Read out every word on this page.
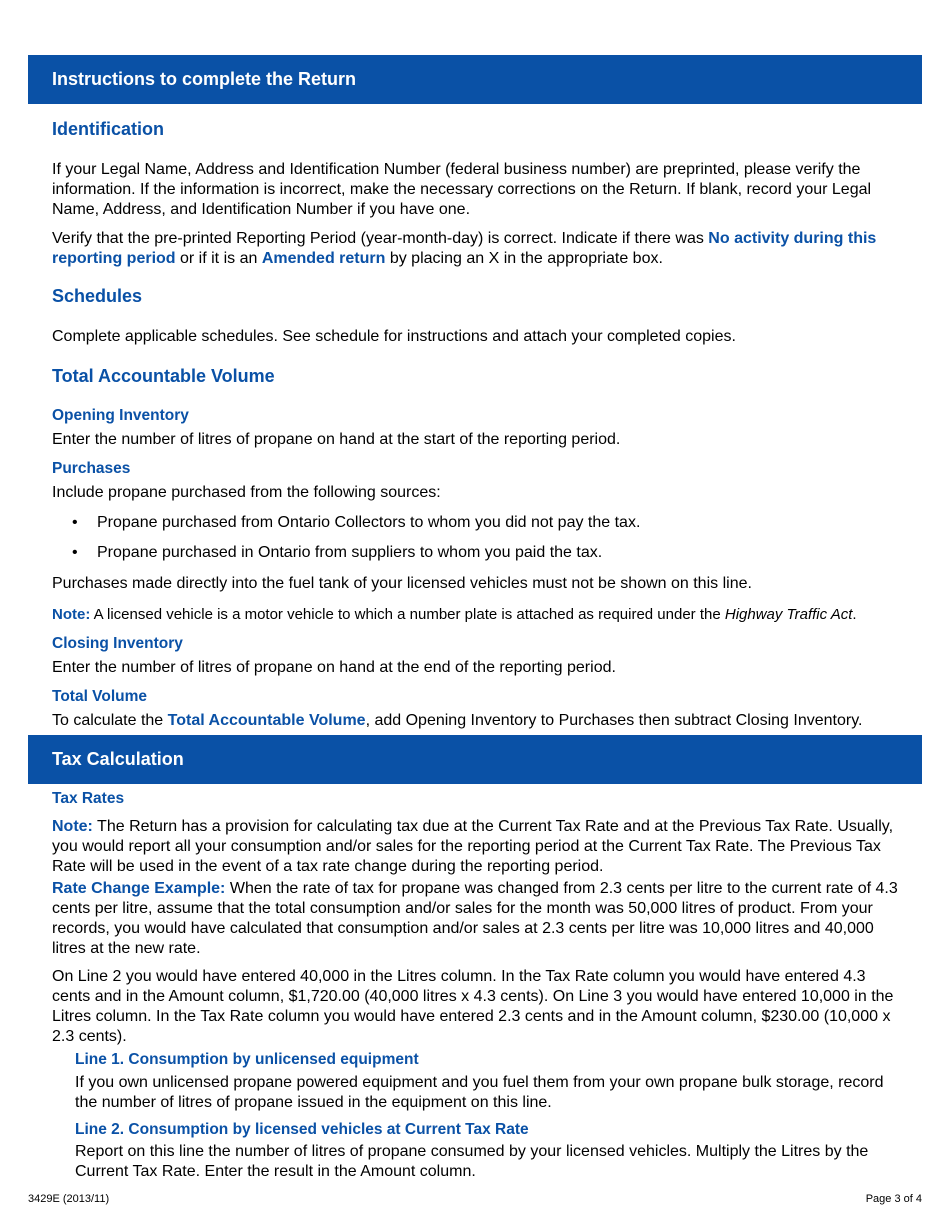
Instructions to complete the Return
Identification

If your Legal Name, Address and Identification Number (federal business number) are preprinted, please verify the information. If the information is incorrect, make the necessary corrections on the Return. If blank, record your Legal Name, Address, and Identification Number if you have one.

Verify that the pre-printed Reporting Period (year-month-day) is correct. Indicate if there was No activity during this reporting period or if it is an Amended return by placing an X in the appropriate box.

Schedules

Complete applicable schedules. See schedule for instructions and attach your completed copies.

Total Accountable Volume
Opening Inventory

Enter the number of litres of propane on hand at the start of the reporting period.

Purchases

Include propane purchased from the following sources:

• Propane purchased from Ontario Collectors to whom you did not pay the tax.
• Propane purchased in Ontario from suppliers to whom you paid the tax.

Purchases made directly into the fuel tank of your licensed vehicles must not be shown on this line.

Note: A licensed vehicle is a motor vehicle to which a number plate is attached as required under the Highway Traffic Act.

Closing Inventory

Enter the number of litres of propane on hand at the end of the reporting period.

Total Volume

To calculate the Total Accountable Volume, add Opening Inventory to Purchases then subtract Closing Inventory.

Tax Calculation
Tax Rates

Note: The Return has a provision for calculating tax due at the Current Tax Rate and at the Previous Tax Rate. Usually, you would report all your consumption and/or sales for the reporting period at the Current Tax Rate. The Previous Tax Rate will be used in the event of a tax rate change during the reporting period.

Rate Change Example: When the rate of tax for propane was changed from 2.3 cents per litre to the current rate of 4.3 cents per litre, assume that the total consumption and/or sales for the month was 50,000 litres of product. From your records, you would have calculated that consumption and/or sales at 2.3 cents per litre was 10,000 litres and 40,000 litres at the new rate.

On Line 2 you would have entered 40,000 in the Litres column. In the Tax Rate column you would have entered 4.3 cents and in the Amount column, $1,720.00 (40,000 litres x 4.3 cents). On Line 3 you would have entered 10,000 in the Litres column. In the Tax Rate column you would have entered 2.3 cents and in the Amount column, $230.00 (10,000 x 2.3 cents).

Line 1. Consumption by unlicensed equipment

If you own unlicensed propane powered equipment and you fuel them from your own propane bulk storage, record the number of litres of propane issued in the equipment on this line.

Line 2. Consumption by licensed vehicles at Current Tax Rate

Report on this line the number of litres of propane consumed by your licensed vehicles. Multiply the Litres by the Current Tax Rate. Enter the result in the Amount column.

3429E (2013/11)	Page 3 of 4
